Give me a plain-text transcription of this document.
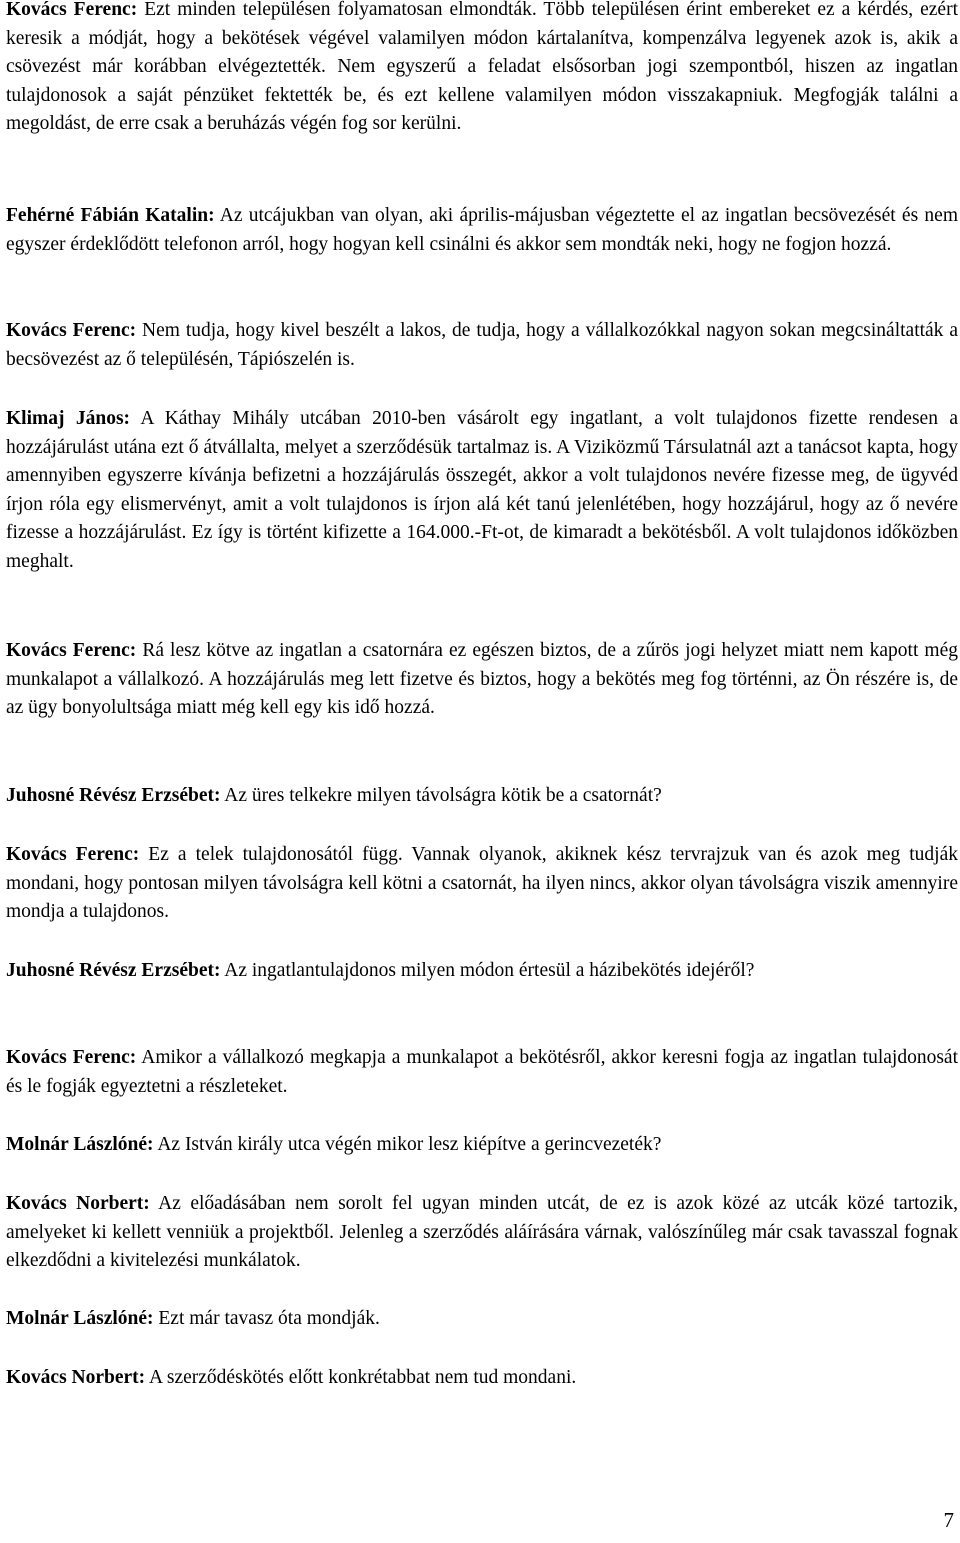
Kovács Ferenc: Ezt minden településen folyamatosan elmondták. Több településen érint embereket ez a kérdés, ezért keresik a módját, hogy a bekötések végével valamilyen módon kártalanítva, kompenzálva legyenek azok is, akik a csövezést már korábban elvégeztették. Nem egyszerű a feladat elsősorban jogi szempontból, hiszen az ingatlan tulajdonosok a saját pénzüket fektették be, és ezt kellene valamilyen módon visszakapniuk. Megfogják találni a megoldást, de erre csak a beruházás végén fog sor kerülni.

Fehérné Fábián Katalin: Az utcájukban van olyan, aki április-májusban végeztette el az ingatlan becsövezését és nem egyszer érdeklődött telefonon arról, hogy hogyan kell csinálni és akkor sem mondták neki, hogy ne fogjon hozzá.

Kovács Ferenc: Nem tudja, hogy kivel beszélt a lakos, de tudja, hogy a vállalkozókkal nagyon sokan megcsináltatták a becsövezést az ő településén, Tápiószelén is.

Klimaj János: A Káthay Mihály utcában 2010-ben vásárolt egy ingatlant, a volt tulajdonos fizette rendesen a hozzájárulást utána ezt ő átvállalta, melyet a szerződésük tartalmaz is. A Viziközmű Társulatnál azt a tanácsot kapta, hogy amennyiben egyszerre kívánja befizetni a hozzájárulás összegét, akkor a volt tulajdonos nevére fizesse meg, de ügyvéd írjon róla egy elismervényt, amit a volt tulajdonos is írjon alá két tanú jelenlétében, hogy hozzájárul, hogy az ő nevére fizesse a hozzájárulást. Ez így is történt kifizette a 164.000.-Ft-ot, de kimaradt a bekötésből. A volt tulajdonos időközben meghalt.

Kovács Ferenc: Rá lesz kötve az ingatlan a csatornára ez egészen biztos, de a zűrös jogi helyzet miatt nem kapott még munkalapot a vállalkozó. A hozzájárulás meg lett fizetve és biztos, hogy a bekötés meg fog történni, az Ön részére is, de az ügy bonyolultsága miatt még kell egy kis idő hozzá.

Juhosné Révész Erzsébet: Az üres telkekre milyen távolságra kötik be a csatornát?

Kovács Ferenc: Ez a telek tulajdonosától függ. Vannak olyanok, akiknek kész tervrajzuk van és azok meg tudják mondani, hogy pontosan milyen távolságra kell kötni a csatornát, ha ilyen nincs, akkor olyan távolságra viszik amennyire mondja a tulajdonos.

Juhosné Révész Erzsébet: Az ingatlantulajdonos milyen módon értesül a házibekötés idejéről?

Kovács Ferenc: Amikor a vállalkozó megkapja a munkalapot a bekötésről, akkor keresni fogja az ingatlan tulajdonosát és le fogják egyeztetni a részleteket.

Molnár Lászlóné: Az István király utca végén mikor lesz kiépítve a gerincvezeték?

Kovács Norbert: Az előadásában nem sorolt fel ugyan minden utcát, de ez is azok közé az utcák közé tartozik, amelyeket ki kellett venniük a projektből. Jelenleg a szerződés aláírására várnak, valószínűleg már csak tavasszal fognak elkezdődni a kivitelezési munkálatok.

Molnár Lászlóné: Ezt már tavasz óta mondják.

Kovács Norbert: A szerződéskötés előtt konkrétabbat nem tud mondani.

7
